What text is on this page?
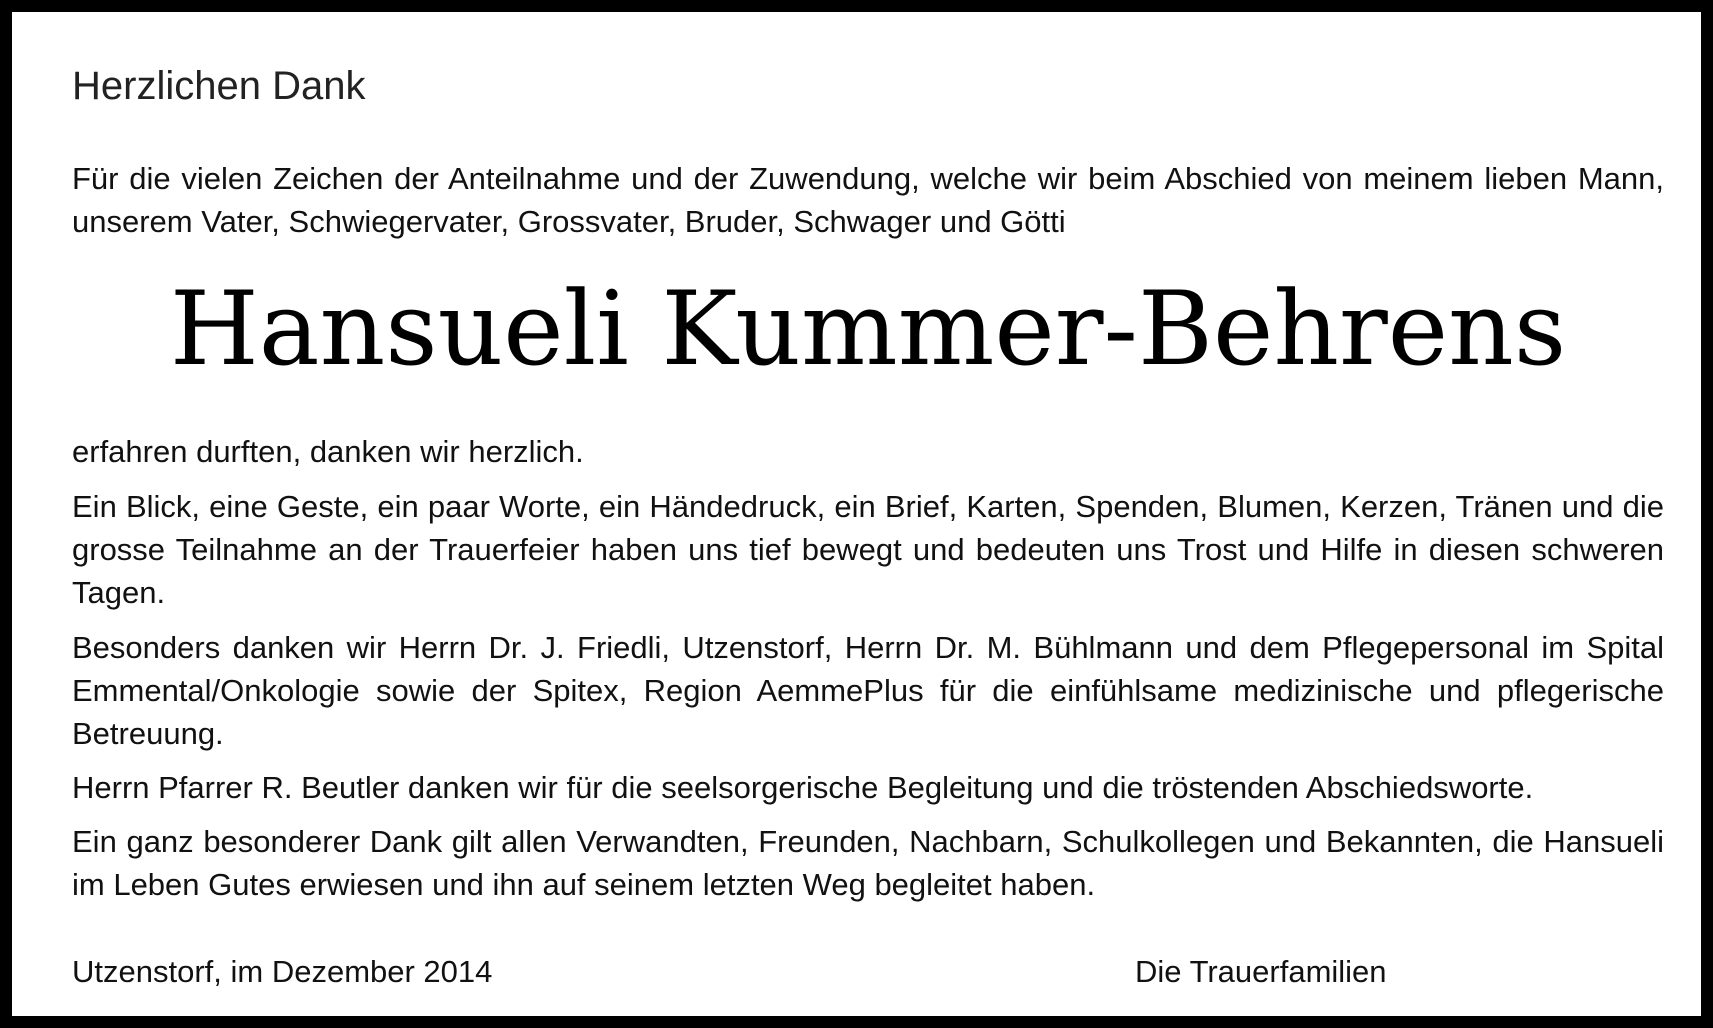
Herzlichen Dank
Für die vielen Zeichen der Anteilnahme und der Zuwendung, welche wir beim Abschied von meinem lieben Mann, unserem Vater, Schwiegervater, Grossvater, Bruder, Schwager und Götti
Hansueli Kummer-Behrens
erfahren durften, danken wir herzlich.
Ein Blick, eine Geste, ein paar Worte, ein Händedruck, ein Brief, Karten, Spenden, Blumen, Kerzen, Tränen und die grosse Teilnahme an der Trauerfeier haben uns tief bewegt und bedeuten uns Trost und Hilfe in diesen schweren Tagen.
Besonders danken wir Herrn Dr. J. Friedli, Utzenstorf, Herrn Dr. M. Bühlmann und dem Pflegepersonal im Spital Emmental/Onkologie sowie der Spitex, Region AemmePlus für die einfühlsame medizinische und pflegerische Betreuung.
Herrn Pfarrer R. Beutler danken wir für die seelsorgerische Begleitung und die tröstenden Abschiedsworte.
Ein ganz besonderer Dank gilt allen Verwandten, Freunden, Nachbarn, Schulkollegen und Bekannten, die Hansueli im Leben Gutes erwiesen und ihn auf seinem letzten Weg begleitet haben.
Utzenstorf, im Dezember 2014	Die Trauerfamilien
